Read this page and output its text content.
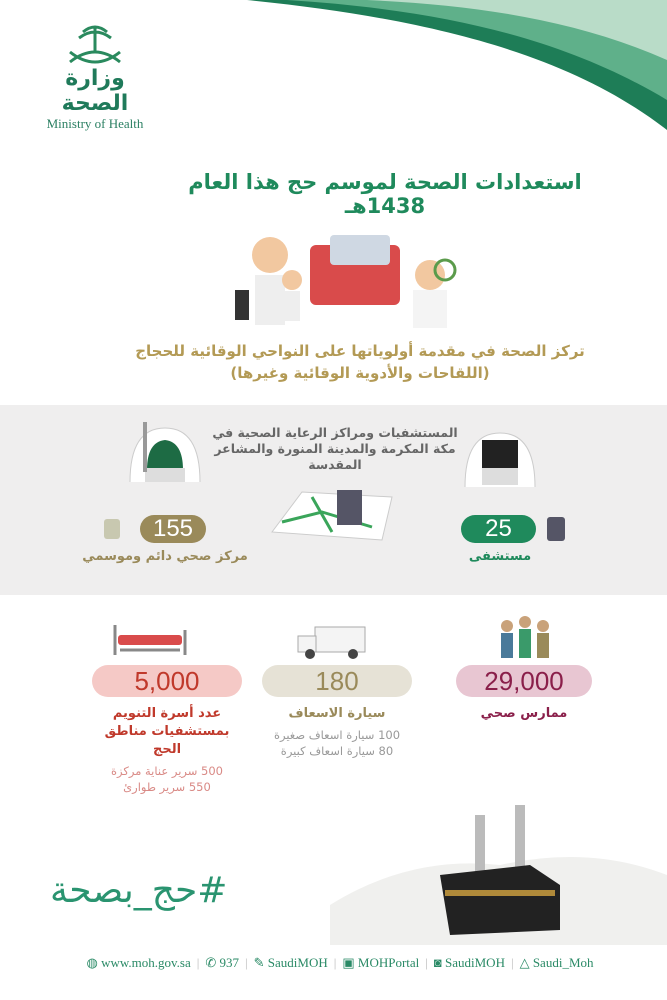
وزارة الصحة
Ministry of Health
استعدادات الصحة لموسم حج هذا العام 1438هـ
تركز الصحة في مقدمة أولوياتها على النواحي الوقائية للحجاج
(اللقاحات والأدوية الوقائية وغيرها)
المستشفيات ومراكز الرعاية الصحية في مكة المكرمة والمدينة المنورة والمشاعر المقدسة
155
مركز صحي دائم وموسمي
25
مستشفى
5,000
عدد أسرة التنويم بمستشفيات مناطق الحج
500 سرير عناية مركزة
550 سرير طوارئ
180
سيارة الاسعاف
100 سيارة اسعاف صغيرة
80 سيارة اسعاف كبيرة
29,000
ممارس صحي
#حج_بصحة
◍ www.moh.gov.sa | ✆ 937 | ✎ SaudiMOH | ▣ MOHPortal | ◙ SaudiMOH | △ Saudi_Moh
